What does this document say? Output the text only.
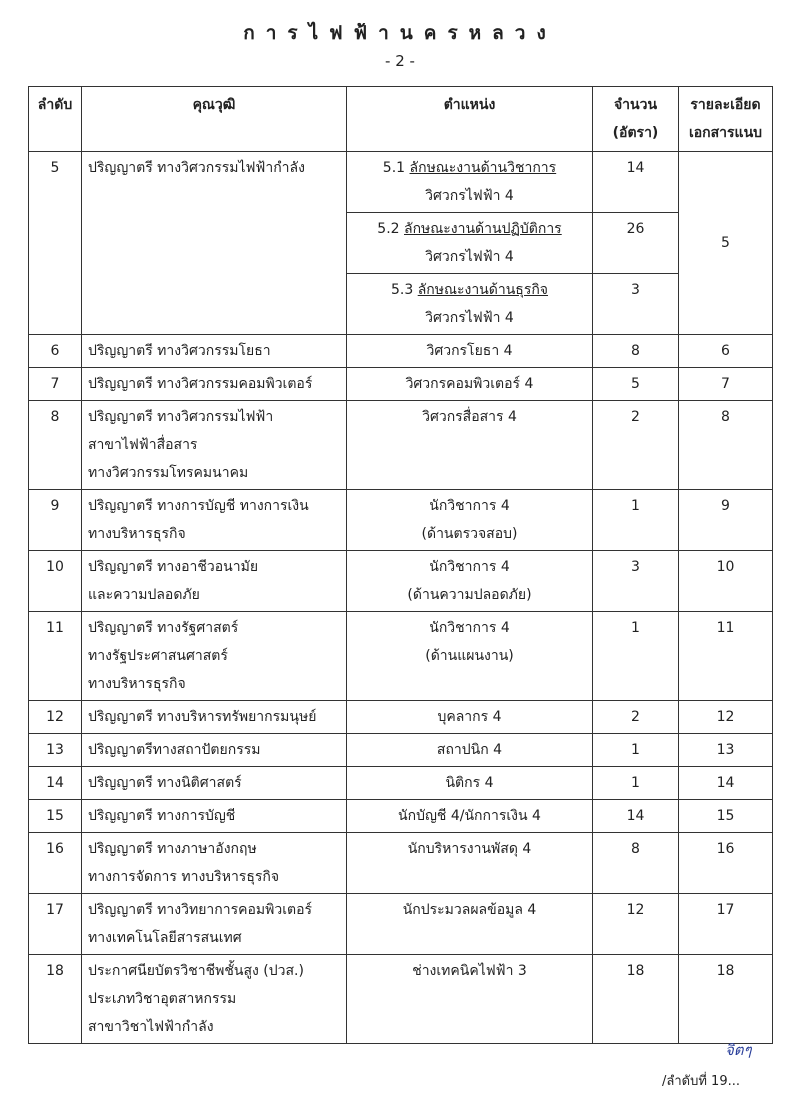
การไฟฟ้านครหลวง
- 2 -
ลำดับ	คุณวุฒิ	ตำแหน่ง	จำนวน
(อัตรา)	รายละเอียด
เอกสารแนบ
5	ปริญญาตรี ทางวิศวกรรมไฟฟ้ากำลัง	5.1 ลักษณะงานด้านวิชาการ
วิศวกรไฟฟ้า 4	14	5

		5.2 ลักษณะงานด้านปฏิบัติการ
วิศวกรไฟฟ้า 4	26	

		5.3 ลักษณะงานด้านธุรกิจ
วิศวกรไฟฟ้า 4	3	
6	ปริญญาตรี ทางวิศวกรรมโยธา	วิศวกรโยธา 4	8	6
7	ปริญญาตรี ทางวิศวกรรมคอมพิวเตอร์	วิศวกรคอมพิวเตอร์ 4	5	7
8	ปริญญาตรี ทางวิศวกรรมไฟฟ้า
สาขาไฟฟ้าสื่อสาร
ทางวิศวกรรมโทรคมนาคม	วิศวกรสื่อสาร 4	2	8
9	ปริญญาตรี ทางการบัญชี ทางการเงิน
ทางบริหารธุรกิจ	นักวิชาการ 4
(ด้านตรวจสอบ)	1	9
10	ปริญญาตรี ทางอาชีวอนามัย
และความปลอดภัย	นักวิชาการ 4
(ด้านความปลอดภัย)	3	10
11	ปริญญาตรี ทางรัฐศาสตร์
ทางรัฐประศาสนศาสตร์
ทางบริหารธุรกิจ	นักวิชาการ 4
(ด้านแผนงาน)	1	11
12	ปริญญาตรี ทางบริหารทรัพยากรมนุษย์	บุคลากร 4	2	12
13	ปริญญาตรีทางสถาปัตยกรรม	สถาปนิก 4	1	13
14	ปริญญาตรี ทางนิติศาสตร์	นิติกร 4	1	14
15	ปริญญาตรี ทางการบัญชี	นักบัญชี 4/นักการเงิน 4	14	15
16	ปริญญาตรี ทางภาษาอังกฤษ
ทางการจัดการ ทางบริหารธุรกิจ	นักบริหารงานพัสดุ 4	8	16
17	ปริญญาตรี ทางวิทยาการคอมพิวเตอร์
ทางเทคโนโลยีสารสนเทศ	นักประมวลผลข้อมูล 4	12	17
18	ประกาศนียบัตรวิชาชีพชั้นสูง (ปวส.)
ประเภทวิชาอุตสาหกรรม
สาขาวิชาไฟฟ้ากำลัง	ช่างเทคนิคไฟฟ้า 3	18	18
จิตๆ
/ลำดับที่ 19...
